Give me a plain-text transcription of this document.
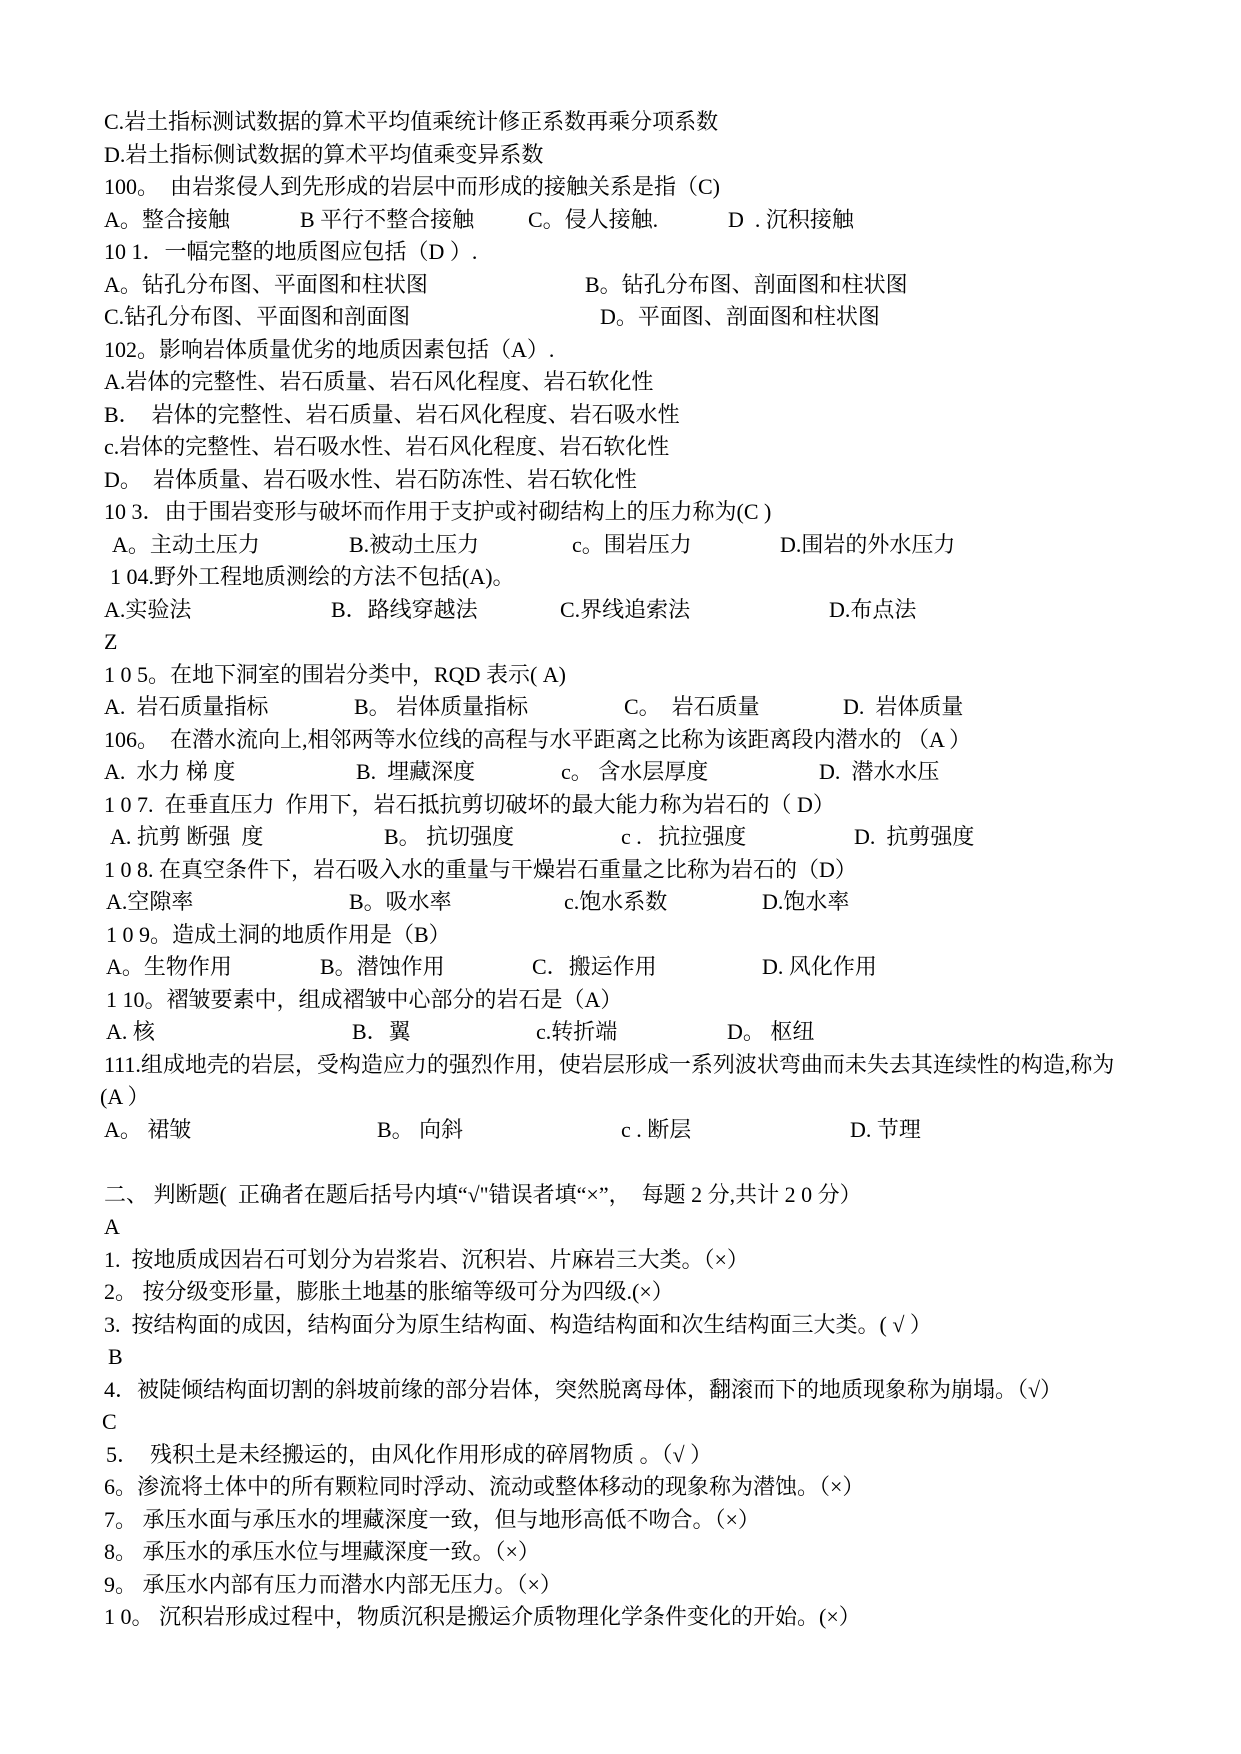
C.岩土指标测试数据的算术平均值乘统计修正系数再乘分项系数
D.岩土指标侧试数据的算术平均值乘变异系数
100。  由岩浆侵人到先形成的岩层中而形成的接触关系是指（C)
A。整合接触	B 平行不整合接触 C。侵人接触.	D  . 沉积接触
10 1．一幅完整的地质图应包括（D ）.
A。钻孔分布图、平面图和柱状图	B。钻孔分布图、剖面图和柱状图
C.钻孔分布图、平面图和剖面图	D。平面图、剖面图和柱状图
102。影响岩体质量优劣的地质因素包括（A）.
A.岩体的完整性、岩石质量、岩石风化程度、岩石软化性
B．  岩体的完整性、岩石质量、岩石风化程度、岩石吸水性
c.岩体的完整性、岩石吸水性、岩石风化程度、岩石软化性
D。  岩体质量、岩石吸水性、岩石防冻性、岩石软化性
10 3．由于围岩变形与破坏而作用于支护或衬砌结构上的压力称为(C )
A。主动土压力	B.被动土压力	c。围岩压力	D.围岩的外水压力
1 04.野外工程地质测绘的方法不包括(A)。
A.实验法	B．路线穿越法	C.界线追索法	D.布点法
Z
1 0 5。在地下洞室的围岩分类中，RQD 表示( A)
A.  岩石质量指标	B。 岩体质量指标	C。  岩石质量	D.  岩体质量
106。  在潜水流向上,相邻两等水位线的高程与水平距离之比称为该距离段内潜水的 （A ）
A.  水力 梯 度	B.  埋藏深度	c。 含水层厚度	D.  潜水水压
1 0 7.  在垂直压力  作用下，岩石抵抗剪切破坏的最大能力称为岩石的（ D）
A. 抗剪 断强  度	B。 抗切强度	c .   抗拉强度	D.  抗剪强度
1 0 8. 在真空条件下，岩石吸入水的重量与干燥岩石重量之比称为岩石的（D）
A.空隙率	B。吸水率	c.饱水系数	D.饱水率
1 0 9。造成土洞的地质作用是（B）
A。生物作用	B。潜蚀作用	C．搬运作用	D. 风化作用
1 10。褶皱要素中，组成褶皱中心部分的岩石是（A）
A. 核	B．翼	c.转折端	D。 枢纽
111.组成地壳的岩层，受构造应力的强烈作用，使岩层形成一系列波状弯曲而未失去其连续性的构造,称为
(A ）
A。 裙皱	B。 向斜	c . 断层	D. 节理
二、 判断题(  正确者在题后括号内填“√"错误者填“×”，  每题 2 分,共计 2 0 分）
A
1.  按地质成因岩石可划分为岩浆岩、沉积岩、片麻岩三大类。（×）
2。 按分级变形量，膨胀土地基的胀缩等级可分为四级.(×）
3.  按结构面的成因，结构面分为原生结构面、构造结构面和次生结构面三大类。( √ ）
B
4．被陡倾结构面切割的斜坡前缘的部分岩体，突然脱离母体，翻滚而下的地质现象称为崩塌。（√）
C
5．  残积土是未经搬运的，由风化作用形成的碎屑物质 。（√ ）
6。渗流将土体中的所有颗粒同时浮动、流动或整体移动的现象称为潜蚀。（×）
7。 承压水面与承压水的埋藏深度一致，但与地形高低不吻合。（×）
8。 承压水的承压水位与埋藏深度一致。（×）
9。 承压水内部有压力而潜水内部无压力。（×）
1 0。 沉积岩形成过程中，物质沉积是搬运介质物理化学条件变化的开始。(×）
